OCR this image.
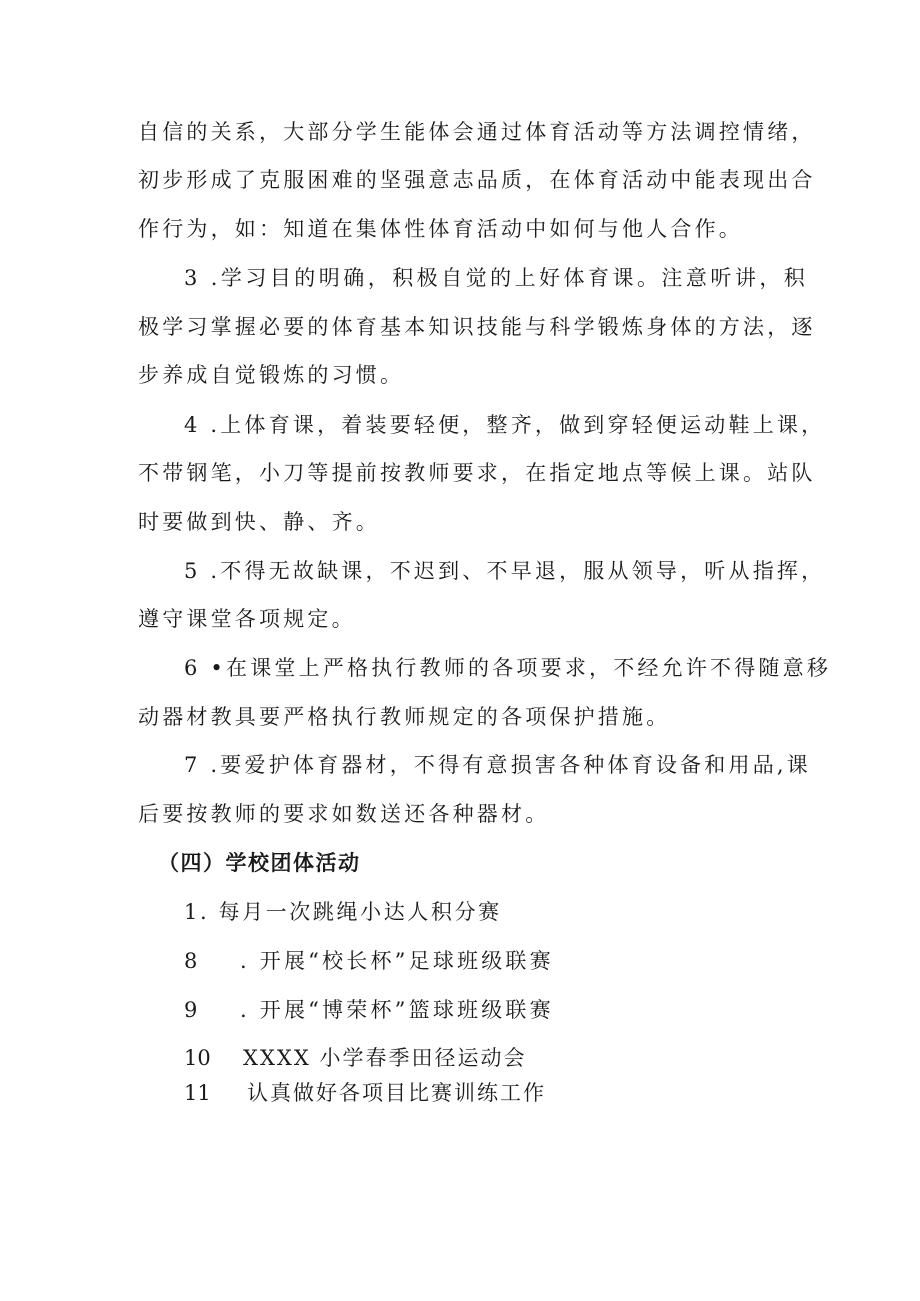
自信的关系，大部分学生能体会通过体育活动等方法调控情绪，
初步形成了克服困难的坚强意志品质，在体育活动中能表现出合
作行为，如：知道在集体性体育活动中如何与他人合作。
3 .学习目的明确，积极自觉的上好体育课。注意听讲，积
极学习掌握必要的体育基本知识技能与科学锻炼身体的方法，逐
步养成自觉锻炼的习惯。
4 .上体育课，着装要轻便，整齐，做到穿轻便运动鞋上课，
不带钢笔，小刀等提前按教师要求，在指定地点等候上课。站队
时要做到快、静、齐。
5 .不得无故缺课，不迟到、不早退，服从领导，听从指挥，
遵守课堂各项规定。
6 •在课堂上严格执行教师的各项要求，不经允许不得随意移
动器材教具要严格执行教师规定的各项保护措施。
7 .要爱护体育器材，不得有意损害各种体育设备和用品,课
后要按教师的要求如数送还各种器材。
（四）学校团体活动
1. 每月一次跳绳小达人积分赛
8 . 开展“校长杯”足球班级联赛
9 . 开展“博荣杯”篮球班级联赛
10 XXXX 小学春季田径运动会
11 认真做好各项目比赛训练工作
